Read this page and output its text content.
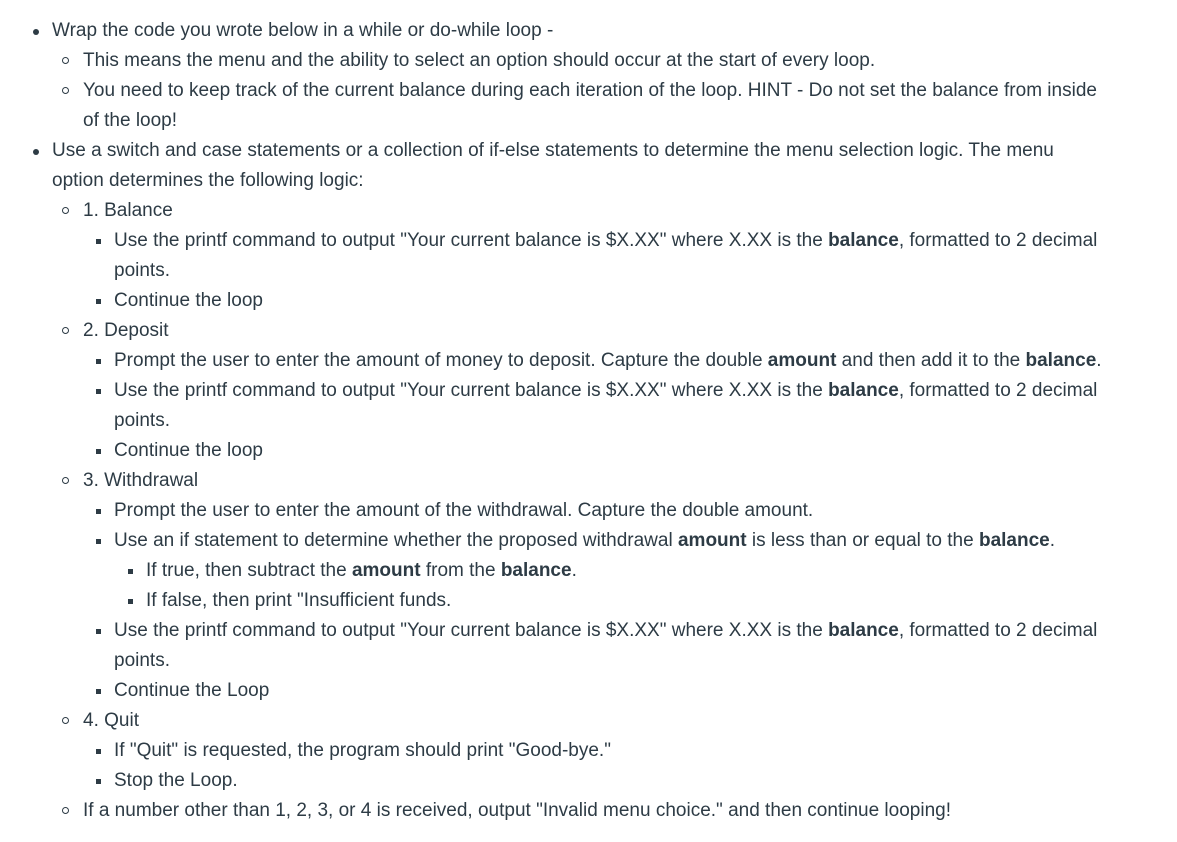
Wrap the code you wrote below in a while or do-while loop -
This means the menu and the ability to select an option should occur at the start of every loop.
You need to keep track of the current balance during each iteration of the loop. HINT - Do not set the balance from inside
of the loop!
Use a switch and case statements or a collection of if-else statements to determine the menu selection logic. The menu
option determines the following logic:
1. Balance
Use the printf command to output "Your current balance is $X.XX" where X.XX is the balance, formatted to 2 decimal
points.
Continue the loop
2. Deposit
Prompt the user to enter the amount of money to deposit. Capture the double amount and then add it to the balance.
Use the printf command to output "Your current balance is $X.XX" where X.XX is the balance, formatted to 2 decimal
points.
Continue the loop
3. Withdrawal
Prompt the user to enter the amount of the withdrawal. Capture the double amount.
Use an if statement to determine whether the proposed withdrawal amount is less than or equal to the balance.
If true, then subtract the amount from the balance.
If false, then print "Insufficient funds.
Use the printf command to output "Your current balance is $X.XX" where X.XX is the balance, formatted to 2 decimal
points.
Continue the Loop
4. Quit
If "Quit" is requested, the program should print "Good-bye."
Stop the Loop.
If a number other than 1, 2, 3, or 4 is received, output "Invalid menu choice." and then continue looping!
